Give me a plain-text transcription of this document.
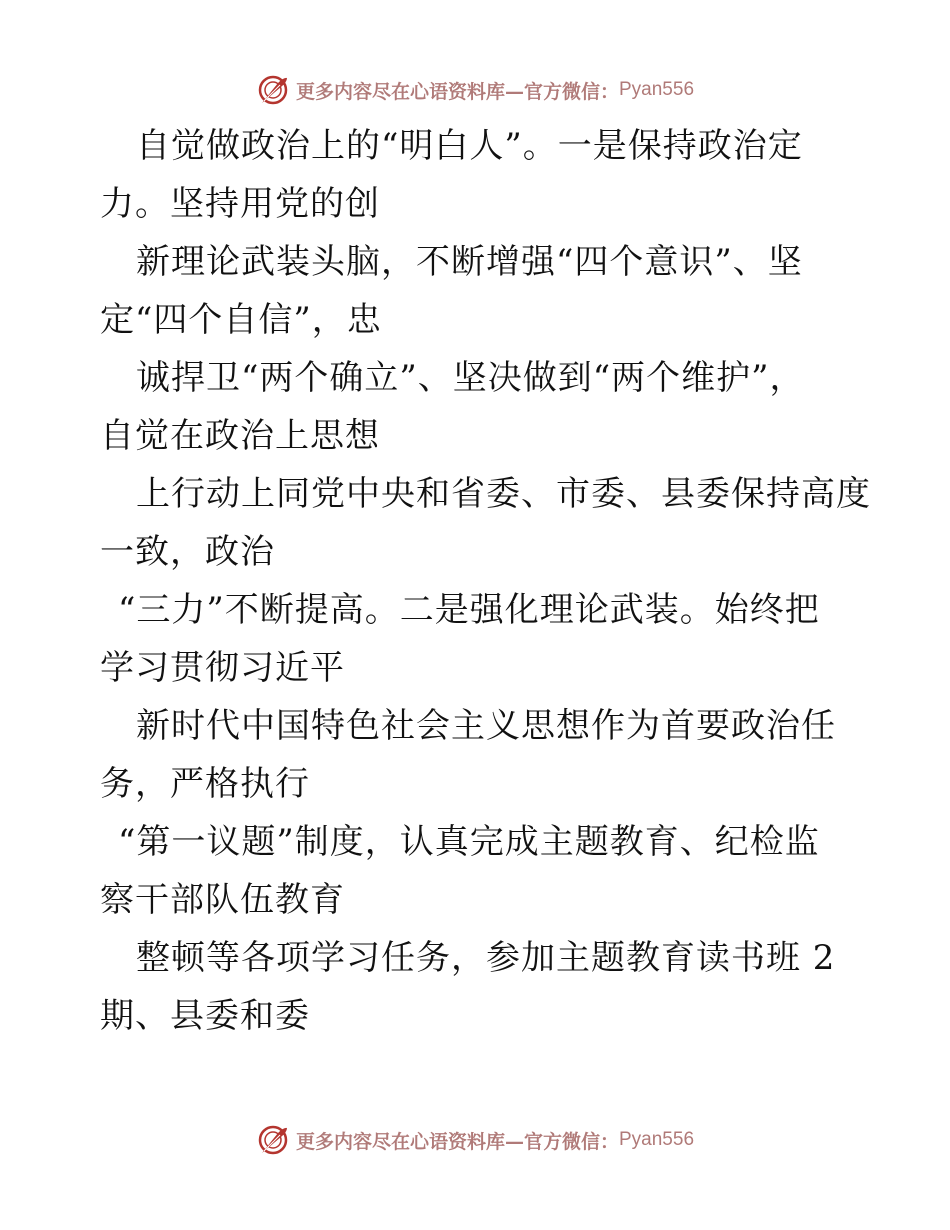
更多内容尽在心语资料库—官方微信： Pyan556
自觉做政治上的“明白人”。一是保持政治定
力。坚持用党的创
新理论武装头脑，不断增强“四个意识”、坚
定“四个自信”，忠
诚捍卫“两个确立”、坚决做到“两个维护”，
自觉在政治上思想
上行动上同党中央和省委、市委、县委保持高度
一致，政治
“三力”不断提高。二是强化理论武装。始终把
学习贯彻习近平
新时代中国特色社会主义思想作为首要政治任
务，严格执行
“第一议题”制度，认真完成主题教育、纪检监
察干部队伍教育
整顿等各项学习任务，参加主题教育读书班 2
期、县委和委
更多内容尽在心语资料库—官方微信： Pyan556
